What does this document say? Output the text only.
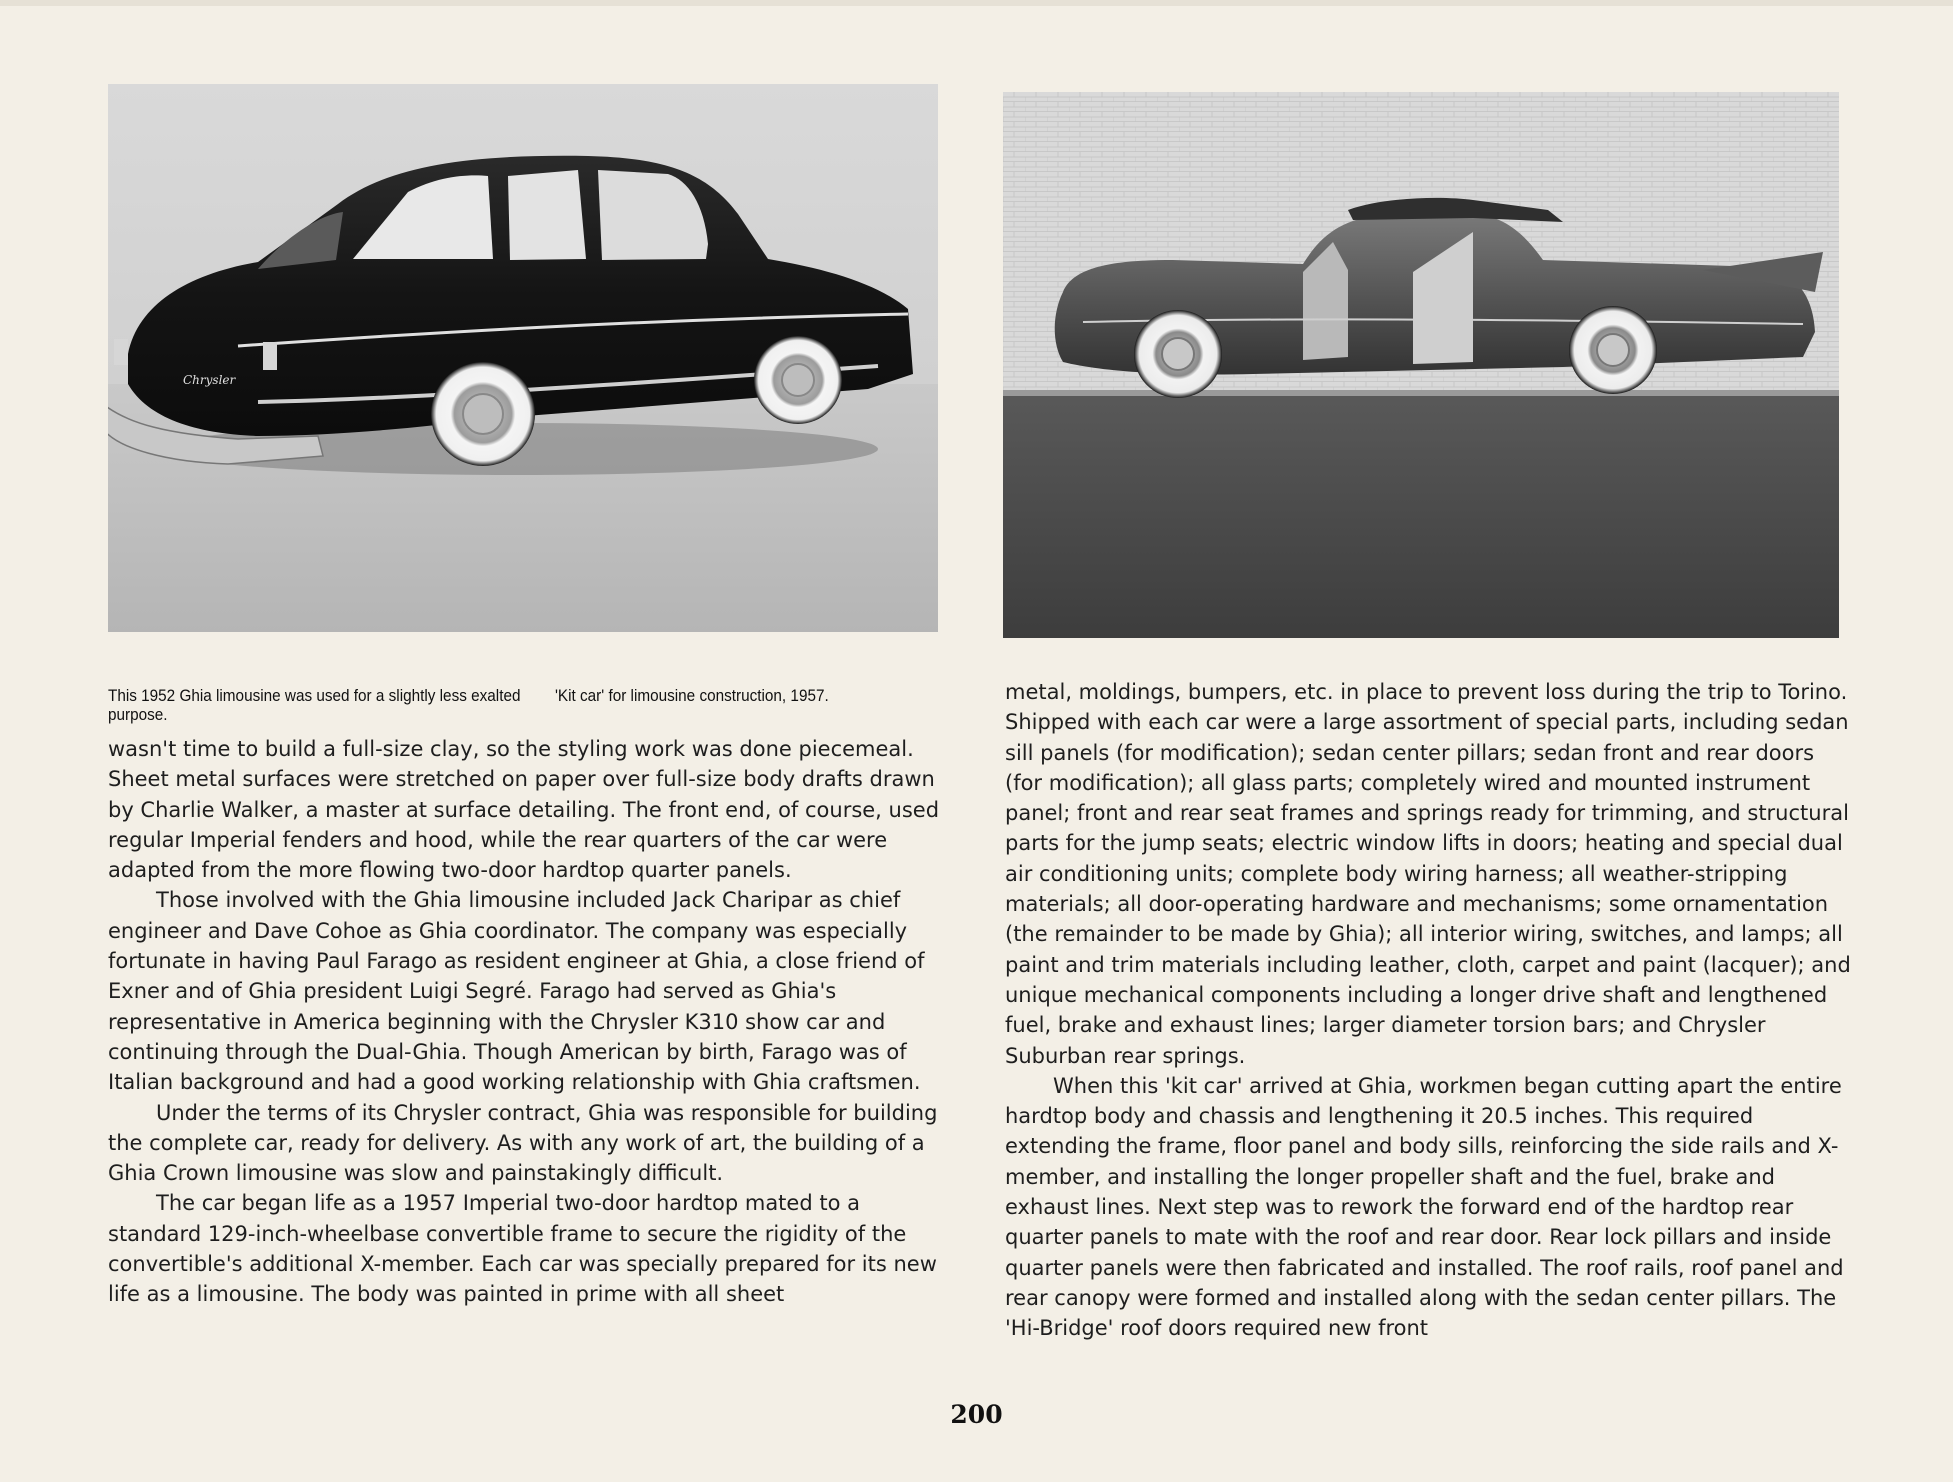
Chrysler
This 1952 Ghia limousine was used for a slightly less exalted purpose.
'Kit car' for limousine construction, 1957.

wasn't time to build a full-size clay, so the styling work was done piecemeal. Sheet metal surfaces were stretched on paper over full-size body drafts drawn by Charlie Walker, a master at surface detailing. The front end, of course, used regular Imperial fenders and hood, while the rear quarters of the car were adapted from the more flowing two-door hardtop quarter panels.

Those involved with the Ghia limousine included Jack Charipar as chief engineer and Dave Cohoe as Ghia coordinator. The company was especially fortunate in having Paul Farago as resident engineer at Ghia, a close friend of Exner and of Ghia president Luigi Segré. Farago had served as Ghia's representative in America beginning with the Chrysler K310 show car and continuing through the Dual-Ghia. Though American by birth, Farago was of Italian background and had a good working relationship with Ghia craftsmen.

Under the terms of its Chrysler contract, Ghia was responsible for building the complete car, ready for delivery. As with any work of art, the building of a Ghia Crown limousine was slow and painstakingly difficult.

The car began life as a 1957 Imperial two-door hardtop mated to a standard 129-inch-wheelbase convertible frame to secure the rigidity of the convertible's additional X-member. Each car was specially prepared for its new life as a limousine. The body was painted in prime with all sheet

metal, moldings, bumpers, etc. in place to prevent loss during the trip to Torino. Shipped with each car were a large assortment of special parts, including sedan sill panels (for modification); sedan center pillars; sedan front and rear doors (for modification); all glass parts; completely wired and mounted instrument panel; front and rear seat frames and springs ready for trimming, and structural parts for the jump seats; electric window lifts in doors; heating and special dual air conditioning units; complete body wiring harness; all weather-stripping materials; all door-operating hardware and mechanisms; some ornamentation (the remainder to be made by Ghia); all interior wiring, switches, and lamps; all paint and trim materials including leather, cloth, carpet and paint (lacquer); and unique mechanical components including a longer drive shaft and lengthened fuel, brake and exhaust lines; larger diameter torsion bars; and Chrysler Suburban rear springs.

When this 'kit car' arrived at Ghia, workmen began cutting apart the entire hardtop body and chassis and lengthening it 20.5 inches. This required extending the frame, floor panel and body sills, reinforcing the side rails and X-member, and installing the longer propeller shaft and the fuel, brake and exhaust lines. Next step was to rework the forward end of the hardtop rear quarter panels to mate with the roof and rear door. Rear lock pillars and inside quarter panels were then fabricated and installed. The roof rails, roof panel and rear canopy were formed and installed along with the sedan center pillars. The 'Hi-Bridge' roof doors required new front

200
